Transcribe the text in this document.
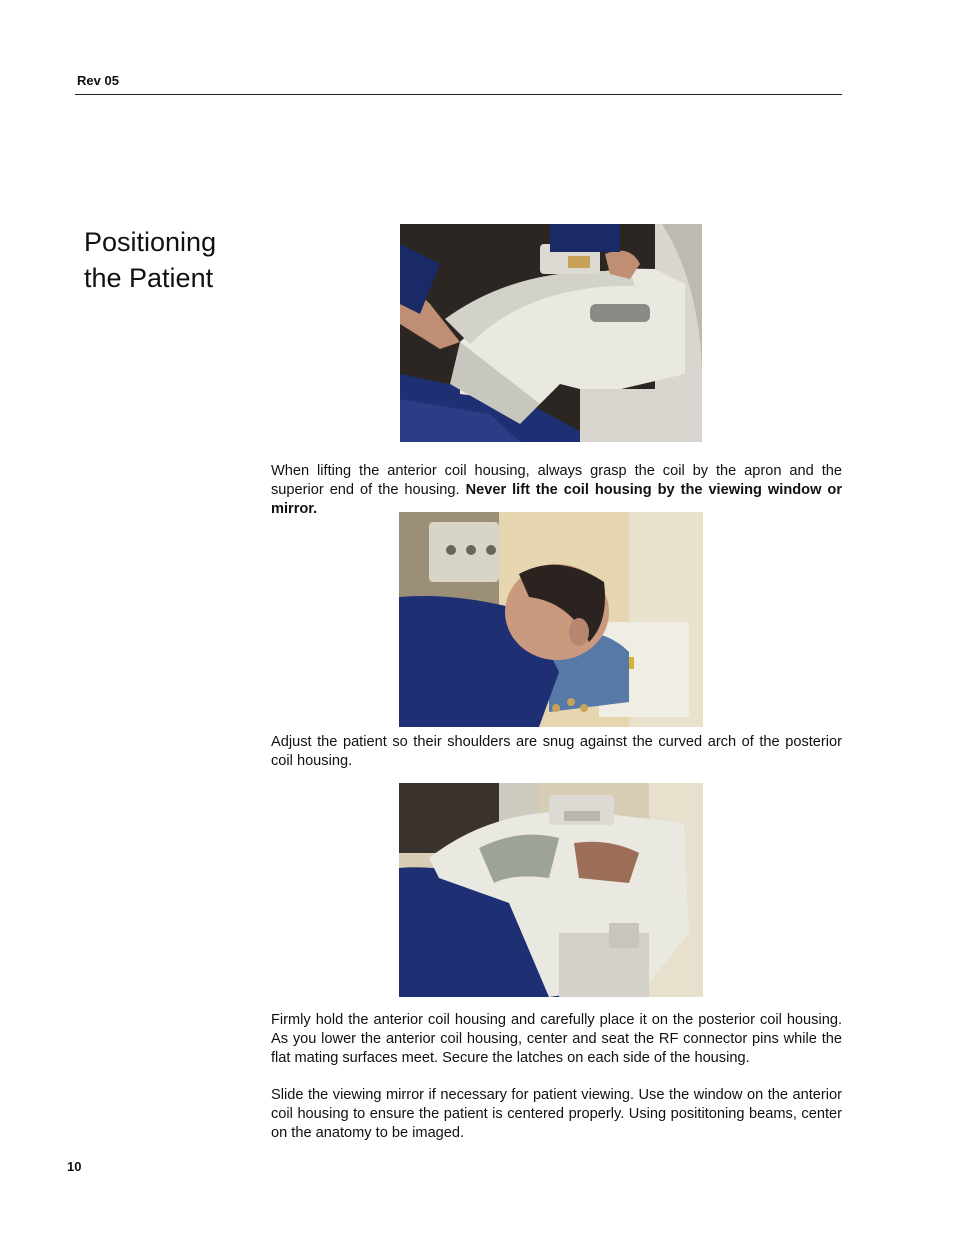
Rev 05
Positioning
the Patient

When lifting the anterior coil housing, always grasp the coil by the apron and the superior end of the housing. Never lift the coil housing by the viewing window or mirror.

Adjust the patient so their shoulders are snug against the curved arch of the posterior coil housing.

Firmly hold the anterior coil housing and carefully place it on the posterior coil housing. As you lower the anterior coil housing, center and seat the RF connector pins while the flat mating surfaces meet. Secure the latches on each side of the housing.

Slide the viewing mirror if necessary for patient viewing. Use the window on the anterior coil housing to ensure the patient is centered properly. Using posititoning beams, center on the anatomy to be imaged.

10
